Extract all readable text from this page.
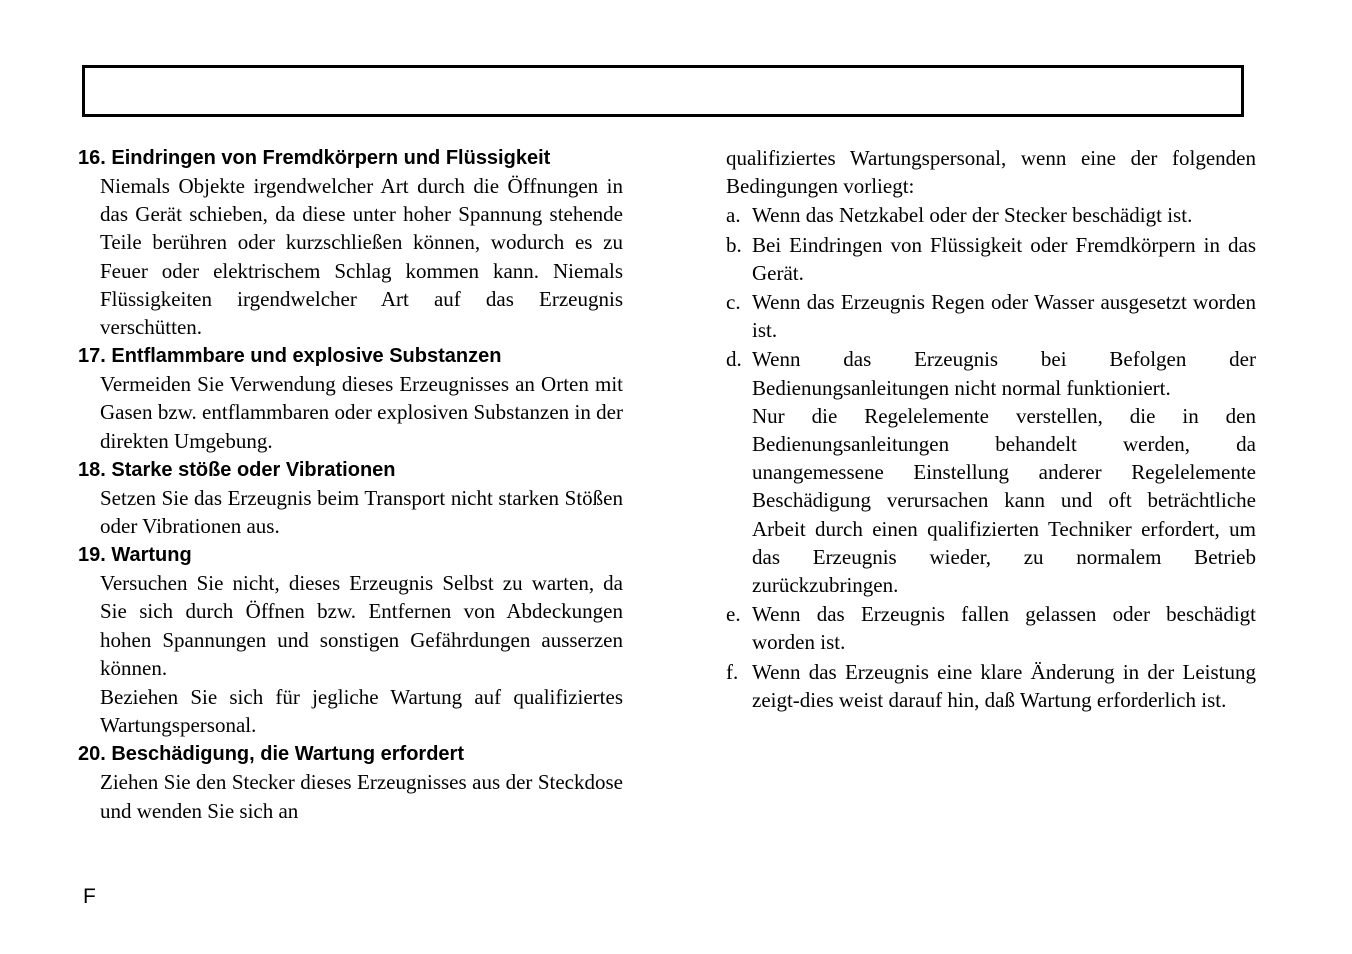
16. Eindringen von Fremdkörpern und Flüssigkeit

Niemals Objekte irgendwelcher Art durch die Öffnungen in das Gerät schieben, da diese unter hoher Spannung stehende Teile berühren oder kurzschließen können, wodurch es zu Feuer oder elektrischem Schlag kommen kann. Niemals Flüssigkeiten irgendwelcher Art auf das Erzeugnis verschütten.

17. Entflammbare und explosive Substanzen

Vermeiden Sie Verwendung dieses Erzeugnisses an Orten mit Gasen bzw. entflammbaren oder explosiven Substanzen in der direkten Umgebung.

18. Starke stöße oder Vibrationen

Setzen Sie das Erzeugnis beim Transport nicht starken Stößen oder Vibrationen aus.

19. Wartung

Versuchen Sie nicht, dieses Erzeugnis Selbst zu warten, da Sie sich durch Öffnen bzw. Entfernen von Abdeckungen hohen Spannungen und sonstigen Gefährdungen ausserzen können.

Beziehen Sie sich für jegliche Wartung auf qualifiziertes Wartungspersonal.

20. Beschädigung, die Wartung erfordert

Ziehen Sie den Stecker dieses Erzeugnisses aus der Steckdose und wenden Sie sich an

qualifiziertes Wartungspersonal, wenn eine der folgenden Bedingungen vorliegt:

a. Wenn das Netzkabel oder der Stecker beschädigt ist.

b. Bei Eindringen von Flüssigkeit oder Fremdkörpern in das Gerät.

c. Wenn das Erzeugnis Regen oder Wasser ausgesetzt worden ist.

d. Wenn das Erzeugnis bei Befolgen der Bedienungsanleitungen nicht normal funktioniert.

Nur die Regelelemente verstellen, die in den Bedienungsanleitungen behandelt werden, da unangemessene Einstellung anderer Regelelemente Beschädigung verursachen kann und oft beträchtliche Arbeit durch einen qualifizierten Techniker erfordert, um das Erzeugnis wieder, zu normalem Betrieb zurückzubringen.

e. Wenn das Erzeugnis fallen gelassen oder beschädigt worden ist.

f. Wenn das Erzeugnis eine klare Änderung in der Leistung zeigt-dies weist darauf hin, daß Wartung erforderlich ist.

F
